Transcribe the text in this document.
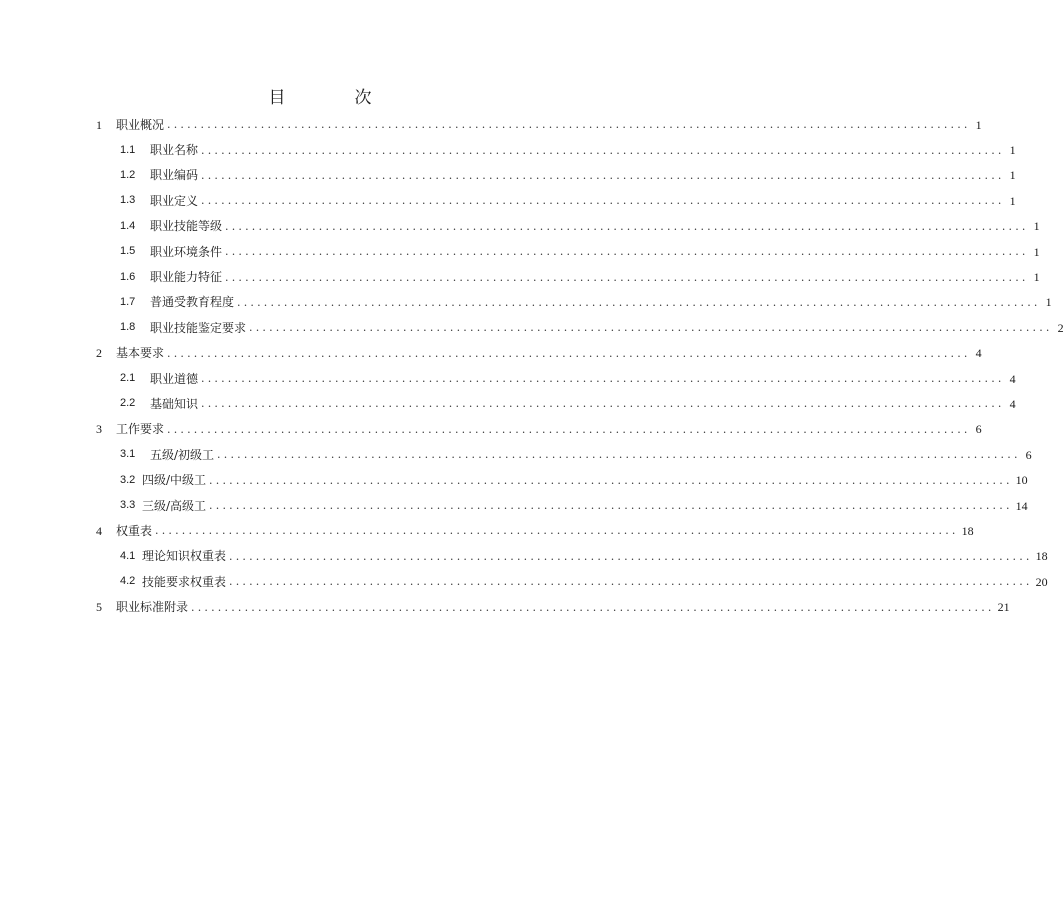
目　次
1	职业概况 ........................................................................................................................ 1
1.1	职业名称 ........................................................................................................................ 1
1.2	职业编码 ........................................................................................................................ 1
1.3	职业定义 ........................................................................................................................ 1
1.4	职业技能等级 ........................................................................................................................ 1
1.5	职业环境条件 ........................................................................................................................ 1
1.6	职业能力特征 ........................................................................................................................ 1
1.7	普通受教育程度 ........................................................................................................................ 1
1.8	职业技能鉴定要求 ........................................................................................................................ 2
2	基本要求 ........................................................................................................................ 4
2.1	职业道德 ........................................................................................................................ 4
2.2	基础知识 ........................................................................................................................ 4
3	工作要求 ........................................................................................................................ 6
3.1	五级/初级工 ........................................................................................................................ 6
3.2 四级/中级工 ........................................................................................................................ 10
3.3 三级/高级工 ........................................................................................................................ 14
4	权重表 ........................................................................................................................ 18
4.1 理论知识权重表 ........................................................................................................................ 18
4.2 技能要求权重表 ........................................................................................................................ 20
5	职业标准附录 ........................................................................................................................ 21
